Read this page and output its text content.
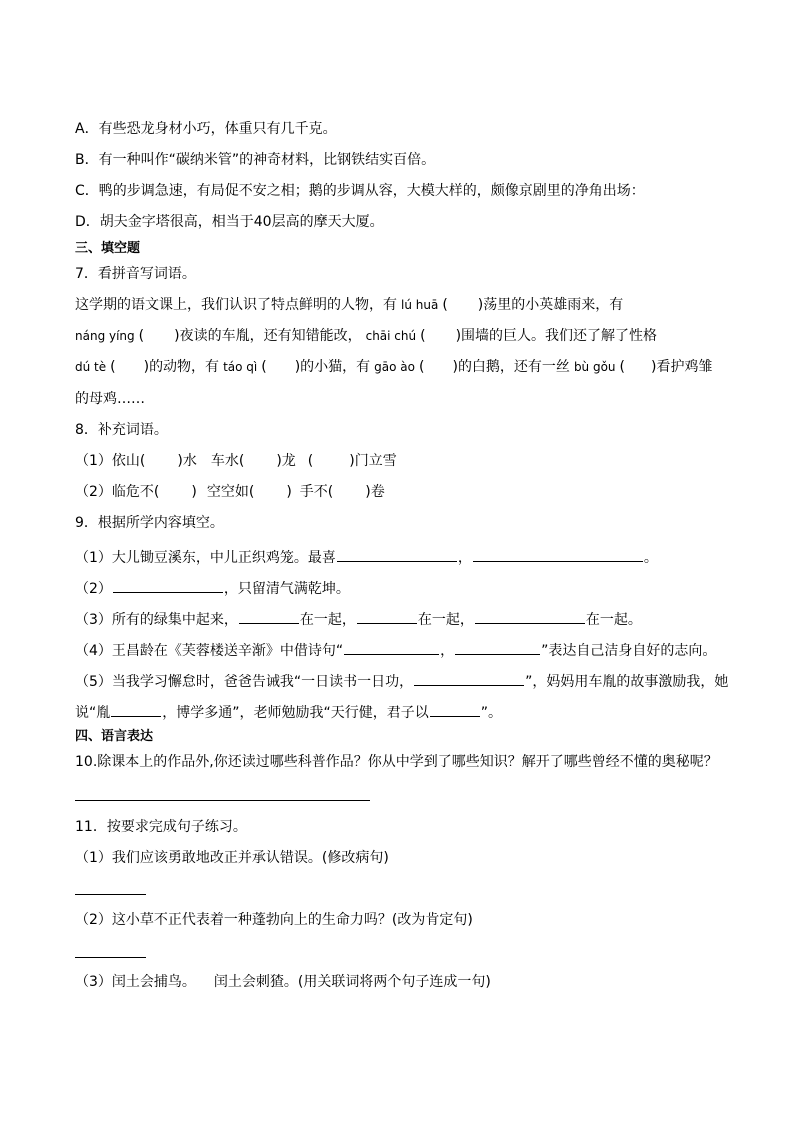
A．有些恐龙身材小巧，体重只有几千克。
B．有一种叫作“碳纳米管”的神奇材料，比钢铁结实百倍。
C．鸭的步调急速，有局促不安之相；鹅的步调从容，大模大样的，颇像京剧里的净角出场：
D．胡夫金字塔很高，相当于40层高的摩天大厦。
三、填空题
7．看拼音写词语。
这学期的语文课上，我们认识了特点鲜明的人物，有 lú huā ( )荡里的小英雄雨来，有
náng yíng ( )夜读的车胤，还有知错能改， chāi chú ( )围墙的巨人。我们还了解了性格
dú tè ( )的动物，有 táo qì ( )的小猫，有 gāo ào ( )的白鹅，还有一丝 bù gǒu ( )看护鸡雏
的母鸡……
8．补充词语。
（1）依山( )水 车水( )龙 (	)门立雪
（2）临危不( ) 空空如( ) 手不( )卷
9．根据所学内容填空。
（1）大儿锄豆溪东，中儿正织鸡笼。最喜	，	。
（2）	，只留清气满乾坤。
（3）所有的绿集中起来，	在一起，	在一起，	在一起。
（4）王昌龄在《芙蓉楼送辛渐》中借诗句“	，	”表达自己洁身自好的志向。
（5）当我学习懈怠时，爸爸告诫我“一日读书一日功，	”，妈妈用车胤的故事激励我，她
说“胤	，博学多通”，老师勉励我“天行健，君子以	”。
四、语言表达
10.除课本上的作品外,你还读过哪些科普作品？你从中学到了哪些知识？解开了哪些曾经不懂的奥秘呢？
11．按要求完成句子练习。
（1）我们应该勇敢地改正并承认错误。(修改病句)
（2）这小草不正代表着一种蓬勃向上的生命力吗？(改为肯定句)
（3）闰土会捕鸟。 闰土会刺猹。(用关联词将两个句子连成一句)
